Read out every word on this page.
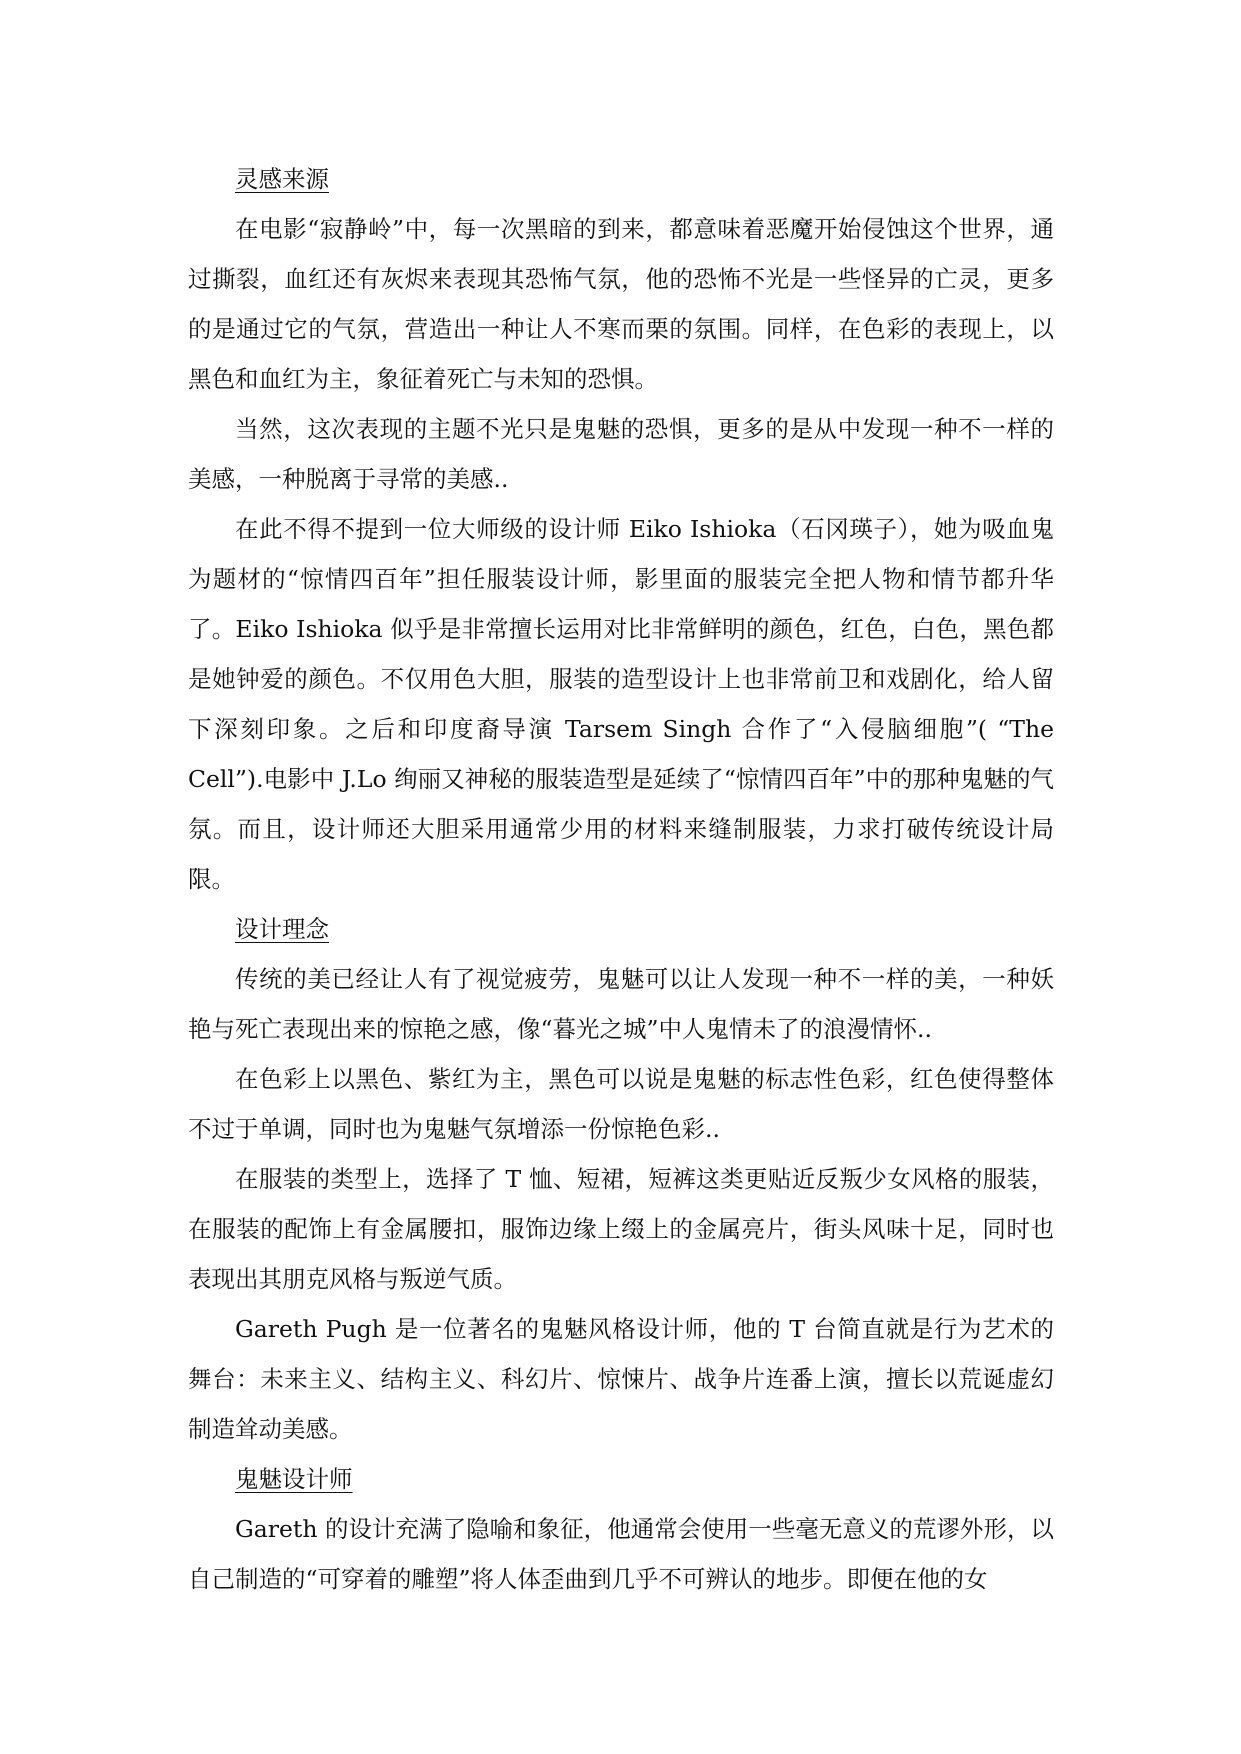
灵感来源

在电影“寂静岭”中，每一次黑暗的到来，都意味着恶魔开始侵蚀这个世界，通过撕裂，血红还有灰烬来表现其恐怖气氛，他的恐怖不光是一些怪异的亡灵，更多的是通过它的气氛，营造出一种让人不寒而栗的氛围。同样，在色彩的表现上，以黑色和血红为主，象征着死亡与未知的恐惧。

当然，这次表现的主题不光只是鬼魅的恐惧，更多的是从中发现一种不一样的美感，一种脱离于寻常的美感..

在此不得不提到一位大师级的设计师 Eiko Ishioka（石冈瑛子），她为吸血鬼为题材的“惊情四百年”担任服装设计师，影里面的服装完全把人物和情节都升华了。Eiko Ishioka 似乎是非常擅长运用对比非常鲜明的颜色，红色，白色，黑色都是她钟爱的颜色。不仅用色大胆，服装的造型设计上也非常前卫和戏剧化，给人留下深刻印象。之后和印度裔导演 Tarsem Singh 合作了“入侵脑细胞”( “The Cell”).电影中 J.Lo 绚丽又神秘的服装造型是延续了“惊情四百年”中的那种鬼魅的气氛。而且，设计师还大胆采用通常少用的材料来缝制服装，力求打破传统设计局限。

设计理念

传统的美已经让人有了视觉疲劳，鬼魅可以让人发现一种不一样的美，一种妖艳与死亡表现出来的惊艳之感，像“暮光之城”中人鬼情未了的浪漫情怀..

在色彩上以黑色、紫红为主，黑色可以说是鬼魅的标志性色彩，红色使得整体不过于单调，同时也为鬼魅气氛增添一份惊艳色彩..

在服装的类型上，选择了 T 恤、短裙，短裤这类更贴近反叛少女风格的服装，在服装的配饰上有金属腰扣，服饰边缘上缀上的金属亮片，街头风味十足，同时也表现出其朋克风格与叛逆气质。

Gareth Pugh 是一位著名的鬼魅风格设计师，他的 T 台简直就是行为艺术的舞台：未来主义、结构主义、科幻片、惊悚片、战争片连番上演，擅长以荒诞虚幻制造耸动美感。

鬼魅设计师

Gareth 的设计充满了隐喻和象征，他通常会使用一些毫无意义的荒谬外形，以自己制造的“可穿着的雕塑”将人体歪曲到几乎不可辨认的地步。即便在他的女
